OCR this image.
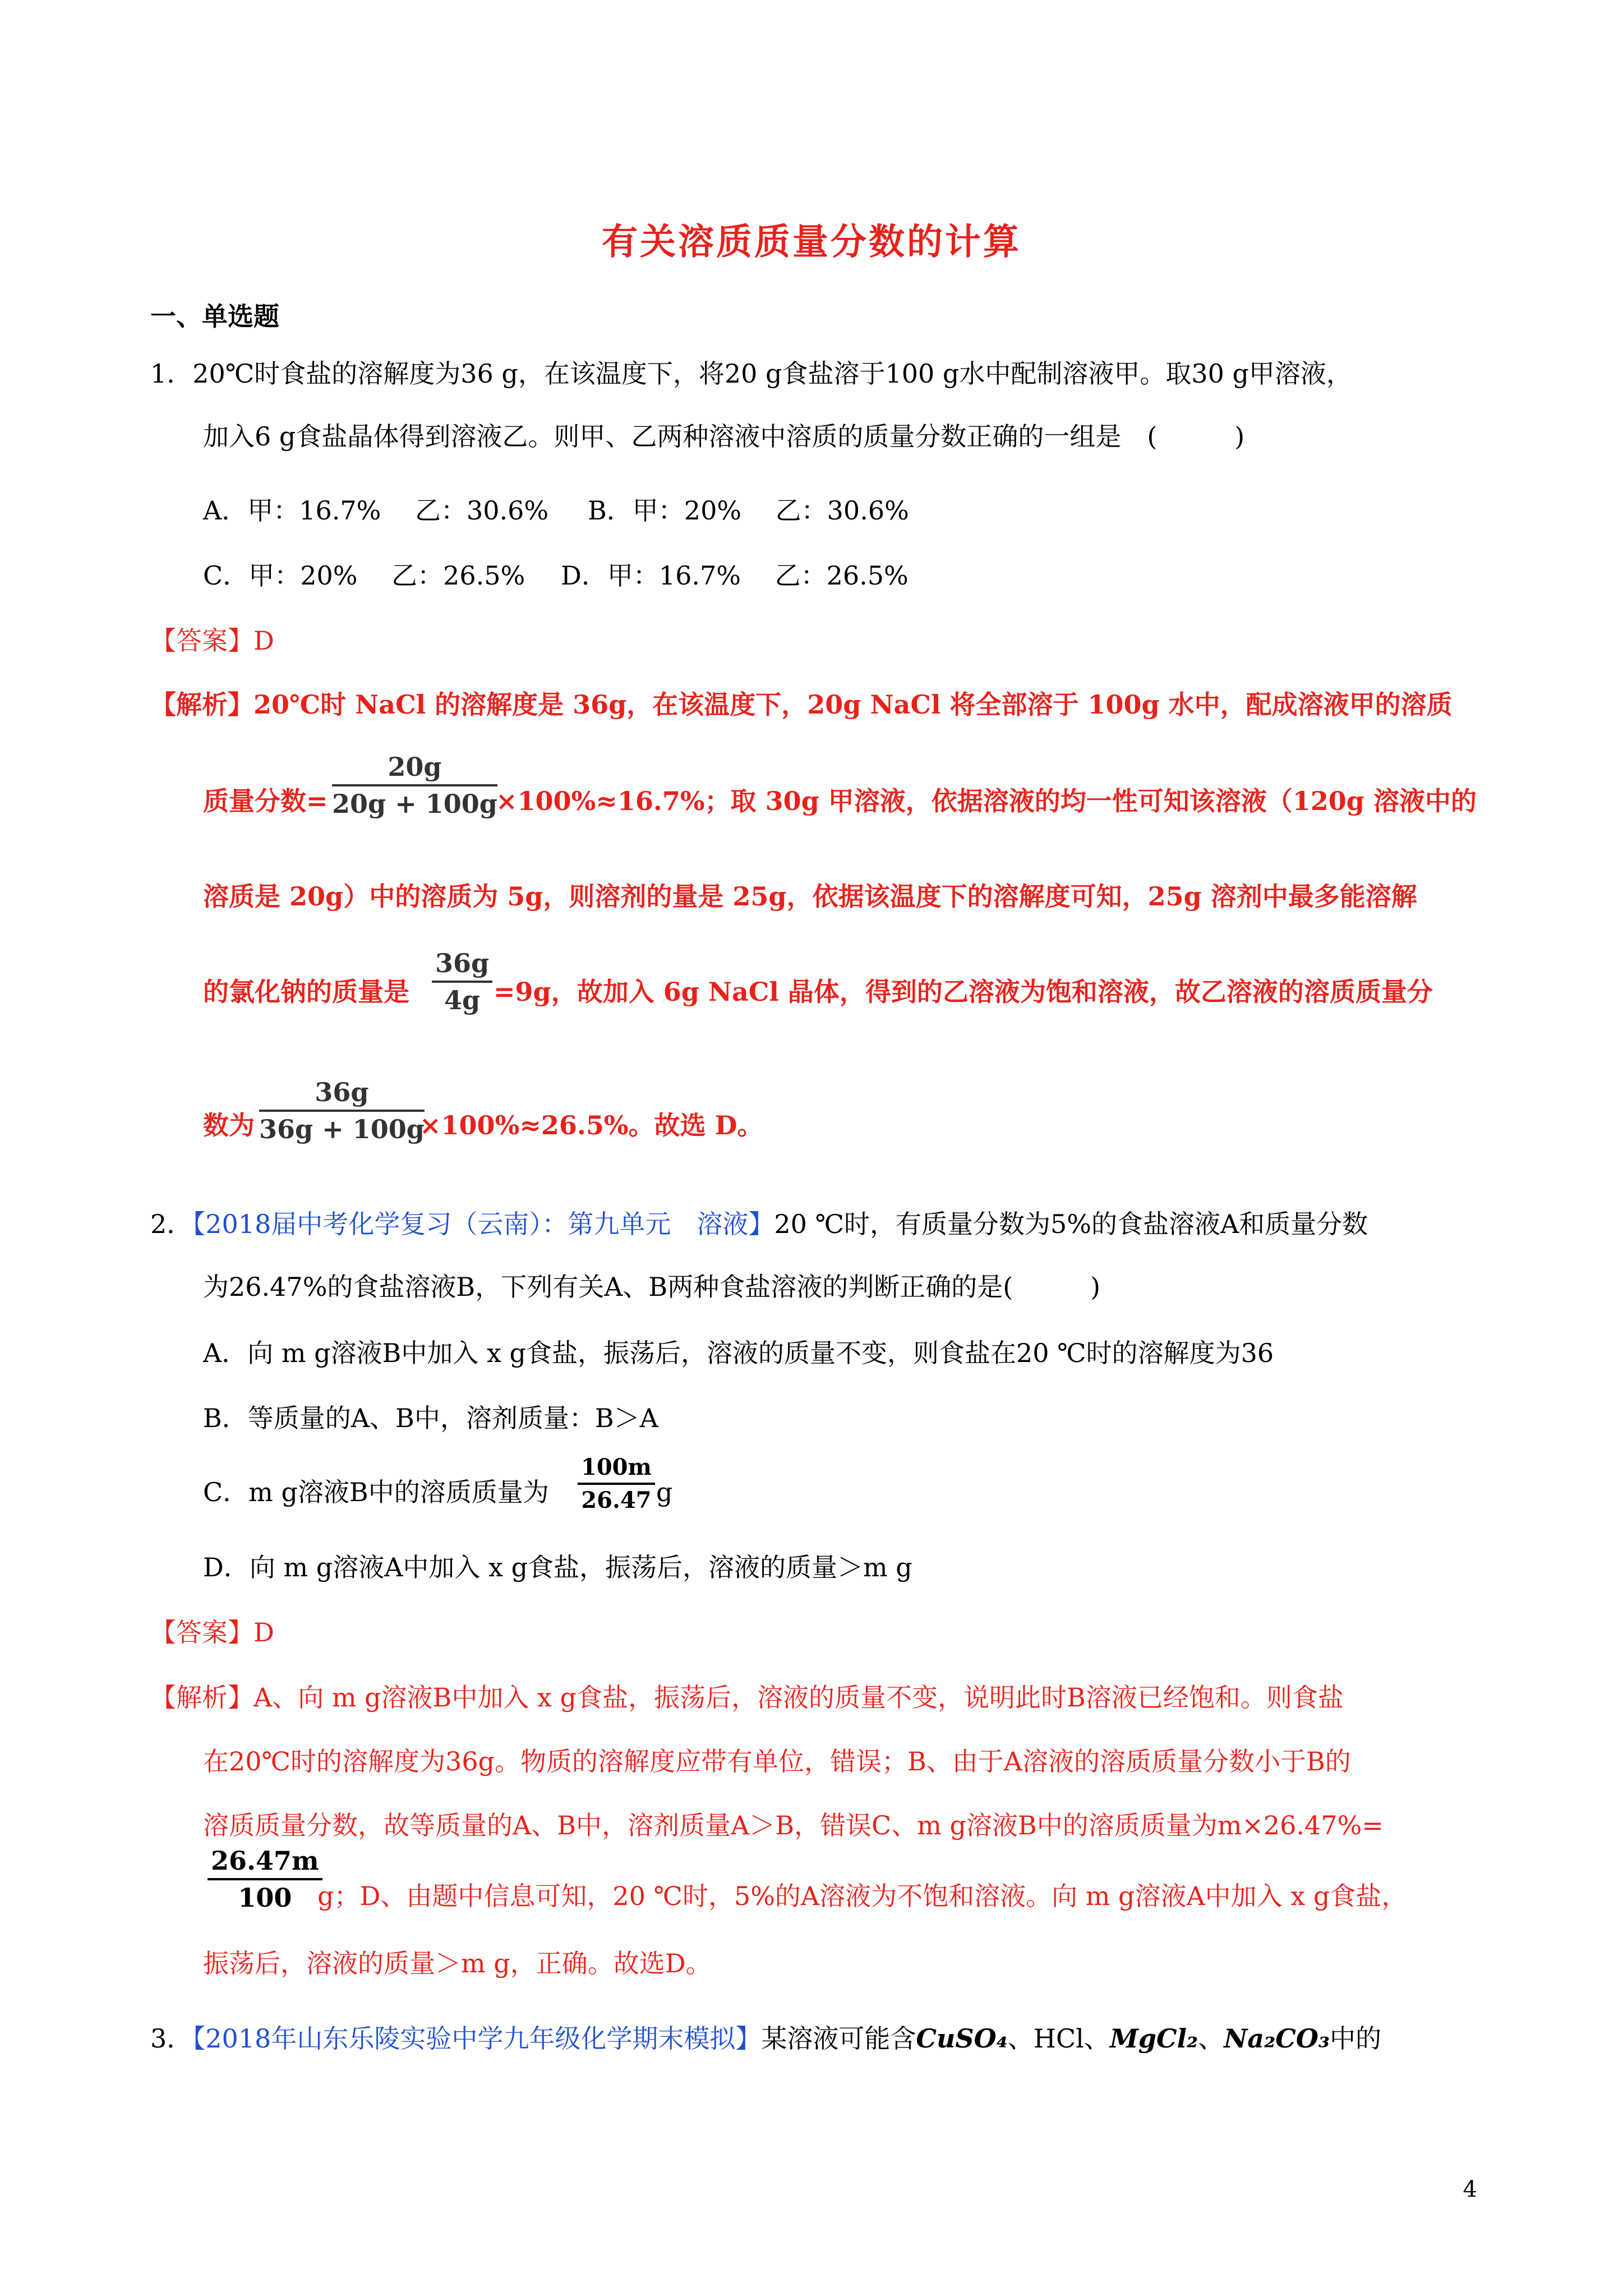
有关溶质质量分数的计算
一、单选题
1．20℃时食盐的溶解度为36 g，在该温度下，将20 g食盐溶于100 g水中配制溶液甲。取30 g甲溶液，
加入6 g食盐晶体得到溶液乙。则甲、乙两种溶液中溶质的质量分数正确的一组是　(　　　)
A．甲：16.7%　 乙：30.6% B．甲：20%　 乙：30.6%
C．甲：20%　 乙：26.5% D．甲：16.7%　 乙：26.5%
【答案】D
【解析】20℃时 NaCl 的溶解度是 36g，在该温度下，20g NaCl 将全部溶于 100g 水中，配成溶液甲的溶质
质量分数=
20g
20g + 100g
×100%≈16.7%；取 30g 甲溶液，依据溶液的均一性可知该溶液（120g 溶液中的
溶质是 20g）中的溶质为 5g，则溶剂的量是 25g，依据该温度下的溶解度可知，25g 溶剂中最多能溶解
的氯化钠的质量是
36g
4g =9g，故加入 6g NaCl 晶体，得到的乙溶液为饱和溶液，故乙溶液的溶质质量分
数为
36g
36g + 100g
×100%≈26.5%。故选 D。
2．【2018届中考化学复习（云南）：第九单元　溶液】20 ℃时，有质量分数为5%的食盐溶液A和质量分数
为26.47%的食盐溶液B，下列有关A、B两种食盐溶液的判断正确的是(　　　)
A．向 m g溶液B中加入 x g食盐，振荡后，溶液的质量不变，则食盐在20 ℃时的溶解度为36
B．等质量的A、B中，溶剂质量：B＞A
C．m g溶液B中的溶质质量为
100m
26.47 g
D．向 m g溶液A中加入 x g食盐，振荡后，溶液的质量＞m g
【答案】D
【解析】A、向 m g溶液B中加入 x g食盐，振荡后，溶液的质量不变，说明此时B溶液已经饱和。则食盐
在20℃时的溶解度为36g。物质的溶解度应带有单位，错误；B、由于A溶液的溶质质量分数小于B的
溶质质量分数，故等质量的A、B中，溶剂质量A＞B，错误C、m g溶液B中的溶质质量为m×26.47%=
26.47m
100 g；D、由题中信息可知，20 ℃时，5%的A溶液为不饱和溶液。向 m g溶液A中加入 x g食盐，
振荡后，溶液的质量＞m g，正确。故选D。
3．【2018年山东乐陵实验中学九年级化学期末模拟】某溶液可能含CuSO₄、HCl、MgCl₂、Na₂CO₃中的
4
